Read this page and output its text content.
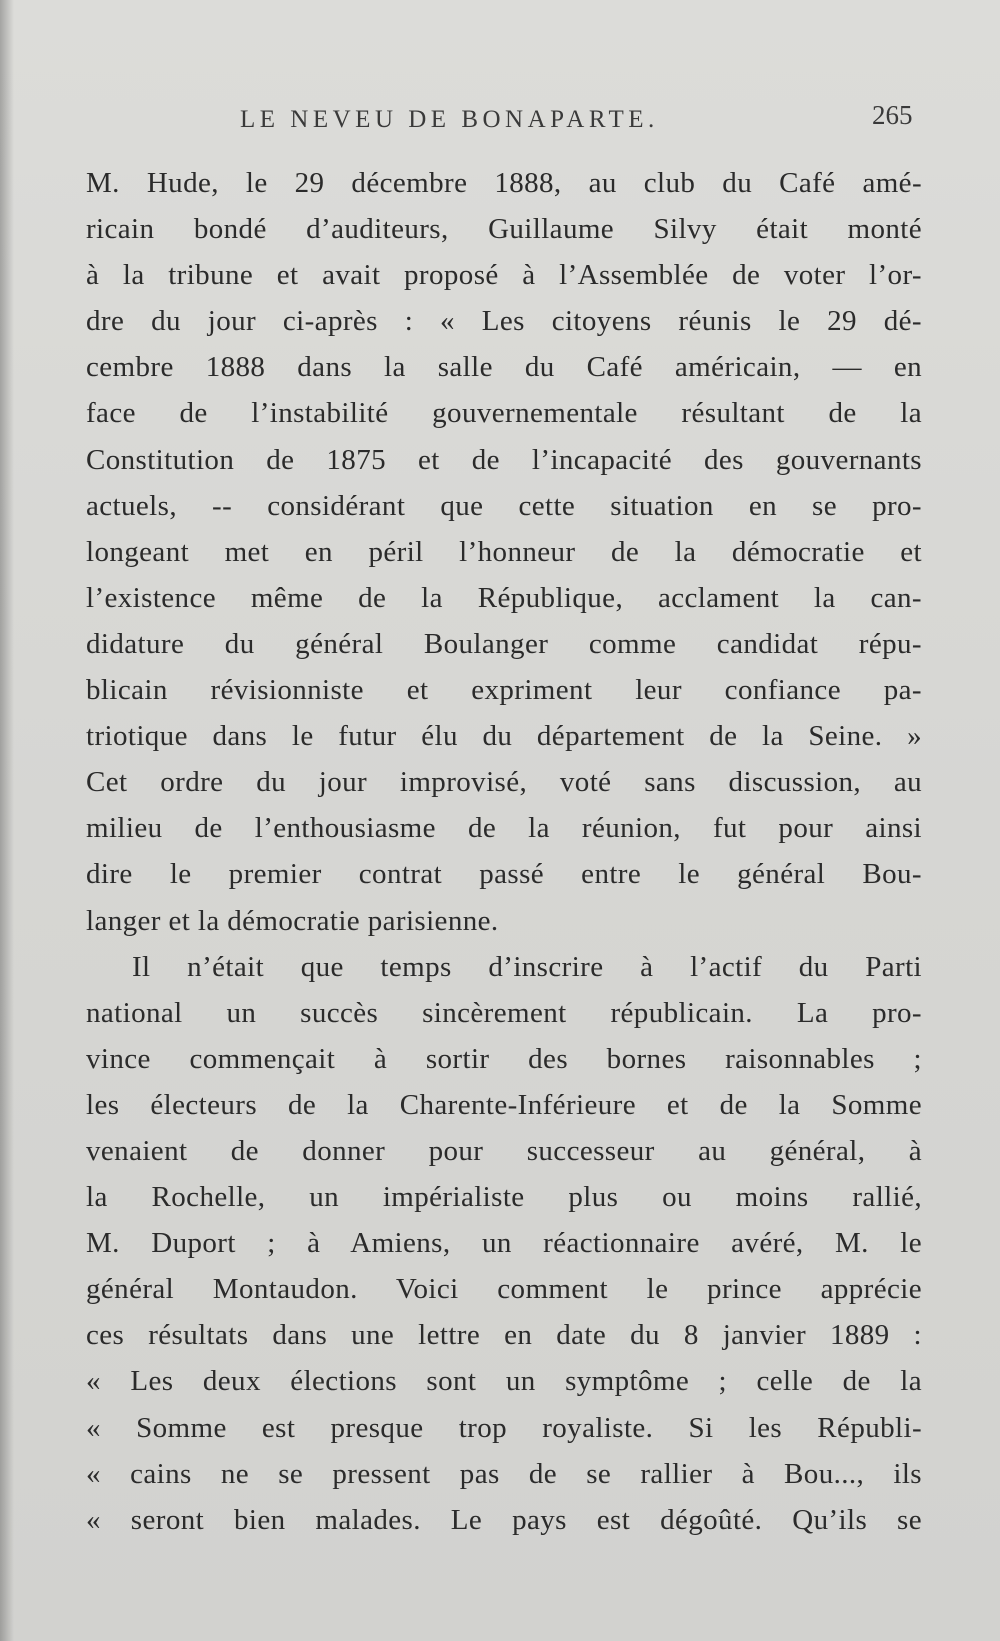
LE NEVEU DE BONAPARTE.	265
M. Hude, le 29 décembre 1888, au club du Café amé-
ricain bondé d’auditeurs, Guillaume Silvy était monté
à la tribune et avait proposé à l’Assemblée de voter l’or-
dre du jour ci-après : « Les citoyens réunis le 29 dé-
cembre 1888 dans la salle du Café américain, — en
face de l’instabilité gouvernementale résultant de la
Constitution de 1875 et de l’incapacité des gouvernants
actuels, -- considérant que cette situation en se pro-
longeant met en péril l’honneur de la démocratie et
l’existence même de la République, acclament la can-
didature du général Boulanger comme candidat répu-
blicain révisionniste et expriment leur confiance pa-
triotique dans le futur élu du département de la Seine. »
Cet ordre du jour improvisé, voté sans discussion, au
milieu de l’enthousiasme de la réunion, fut pour ainsi
dire le premier contrat passé entre le général Bou-
langer et la démocratie parisienne.
Il n’était que temps d’inscrire à l’actif du Parti
national un succès sincèrement républicain. La pro-
vince commençait à sortir des bornes raisonnables ;
les électeurs de la Charente-Inférieure et de la Somme
venaient de donner pour successeur au général, à
la Rochelle, un impérialiste plus ou moins rallié,
M. Duport ; à Amiens, un réactionnaire avéré, M. le
général Montaudon. Voici comment le prince apprécie
ces résultats dans une lettre en date du 8 janvier 1889 :
« Les deux élections sont un symptôme ; celle de la
« Somme est presque trop royaliste. Si les Républi-
« cains ne se pressent pas de se rallier à Bou..., ils
« seront bien malades. Le pays est dégoûté. Qu’ils se
